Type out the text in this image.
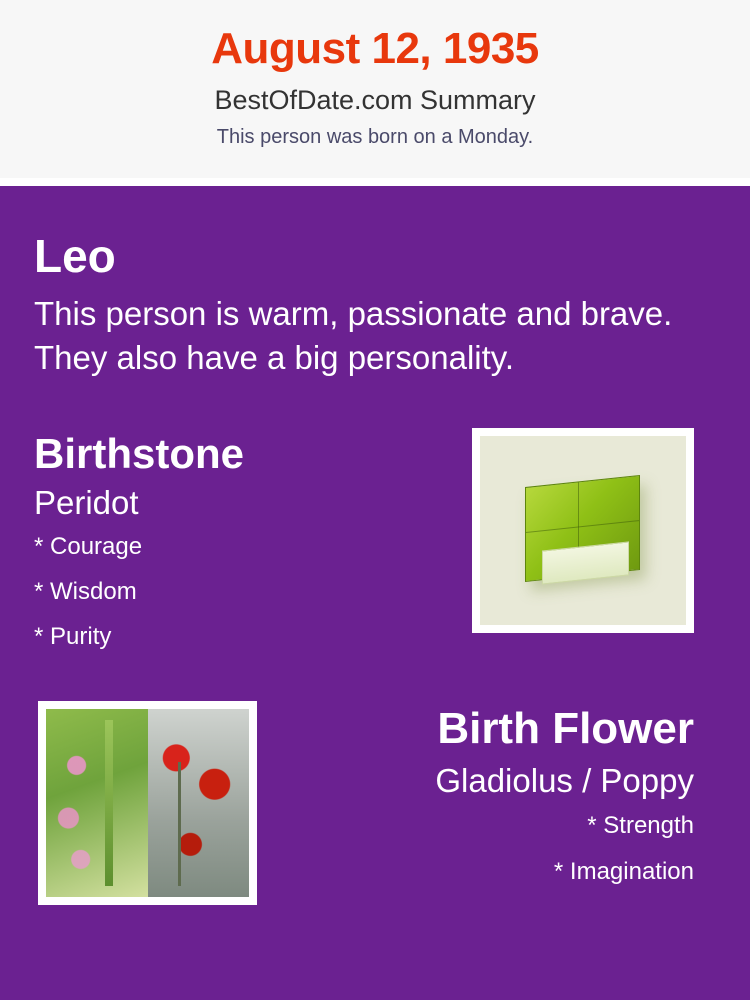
August 12, 1935
BestOfDate.com Summary
This person was born on a Monday.
Leo
This person is warm, passionate and brave. They also have a big personality.
Birthstone
Peridot
* Courage
* Wisdom
* Purity
Birth Flower
Gladiolus / Poppy
* Strength
* Imagination
